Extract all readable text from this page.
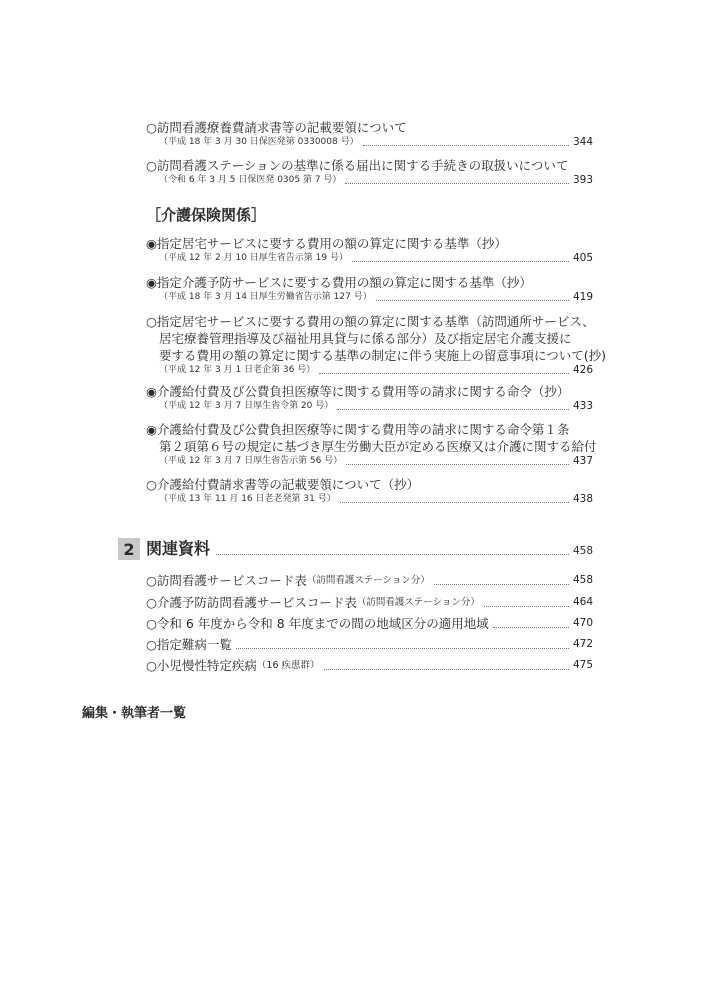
○訪問看護療養費請求書等の記載要領について
（平成 18 年 3 月 30 日保医発第 0330008 号）	344
○訪問看護ステーションの基準に係る届出に関する手続きの取扱いについて
（令和 6 年 3 月 5 日保医発 0305 第 7 号）	393
［介護保険関係］
◉指定居宅サービスに要する費用の額の算定に関する基準（抄）
（平成 12 年 2 月 10 日厚生省告示第 19 号）	405
◉指定介護予防サービスに要する費用の額の算定に関する基準（抄）
（平成 18 年 3 月 14 日厚生労働省告示第 127 号）	419
○指定居宅サービスに要する費用の額の算定に関する基準（訪問通所サービス、
居宅療養管理指導及び福祉用具貸与に係る部分）及び指定居宅介護支援に
要する費用の額の算定に関する基準の制定に伴う実施上の留意事項について(抄)
（平成 12 年 3 月 1 日老企第 36 号）	426
◉介護給付費及び公費負担医療等に関する費用等の請求に関する命令（抄）
（平成 12 年 3 月 7 日厚生省令第 20 号）	433
◉介護給付費及び公費負担医療等に関する費用等の請求に関する命令第１条
第２項第６号の規定に基づき厚生労働大臣が定める医療又は介護に関する給付
（平成 12 年 3 月 7 日厚生省告示第 56 号）	437
○介護給付費請求書等の記載要領について（抄）
（平成 13 年 11 月 16 日老老発第 31 号）	438
2 関連資料	458
○訪問看護サービスコード表 （訪問看護ステーション分）	458
○介護予防訪問看護サービスコード表 （訪問看護ステーション分）	464
○令和 6 年度から令和 8 年度までの間の地域区分の適用地域	470
○指定難病一覧	472
○小児慢性特定疾病 （16 疾患群）	475
編集・執筆者一覧
